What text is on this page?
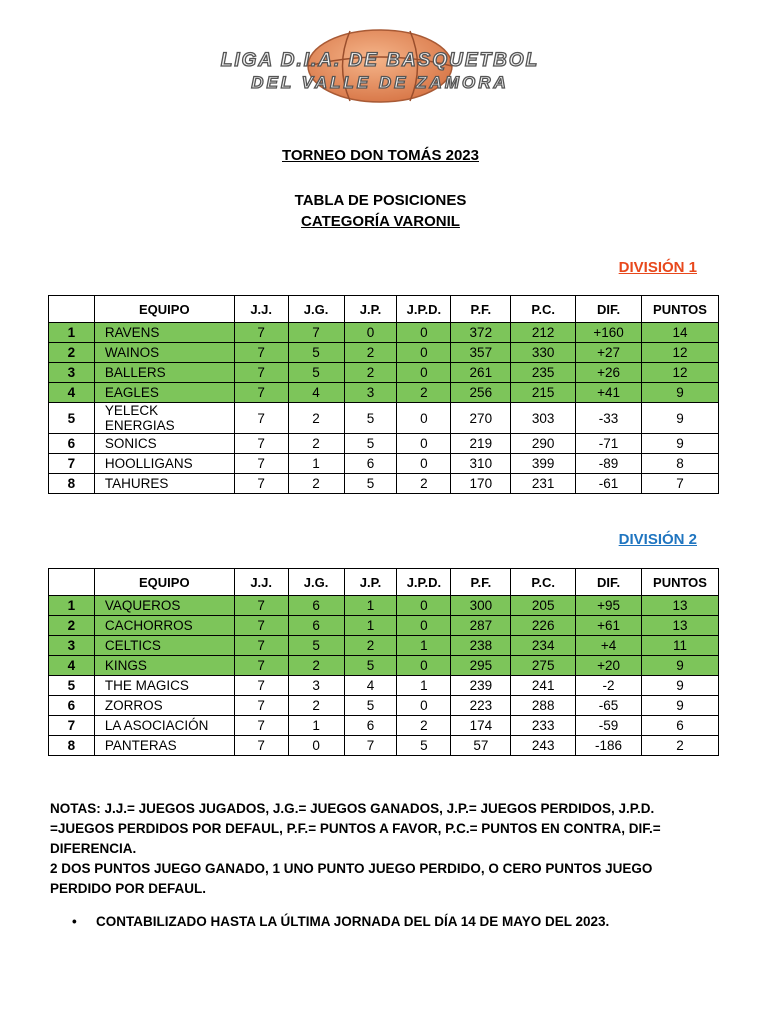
LIGA D.I.A. DE BASQUETBOL
DEL VALLE DE ZAMORA
TORNEO DON TOMÁS 2023
TABLA DE POSICIONES
CATEGORÍA VARONIL
DIVISIÓN 1
	EQUIPO	J.J.	J.G.	J.P.	J.P.D.	P.F.	P.C.	DIF.	PUNTOS
1	RAVENS	7	7	0	0	372	212	+160	14
2	WAINOS	7	5	2	0	357	330	+27	12
3	BALLERS	7	5	2	0	261	235	+26	12
4	EAGLES	7	4	3	2	256	215	+41	9
5	YELECK ENERGIAS	7	2	5	0	270	303	-33	9
6	SONICS	7	2	5	0	219	290	-71	9
7	HOOLLIGANS	7	1	6	0	310	399	-89	8
8	TAHURES	7	2	5	2	170	231	-61	7
DIVISIÓN 2
	EQUIPO	J.J.	J.G.	J.P.	J.P.D.	P.F.	P.C.	DIF.	PUNTOS
1	VAQUEROS	7	6	1	0	300	205	+95	13
2	CACHORROS	7	6	1	0	287	226	+61	13
3	CELTICS	7	5	2	1	238	234	+4	11
4	KINGS	7	2	5	0	295	275	+20	9
5	THE MAGICS	7	3	4	1	239	241	-2	9
6	ZORROS	7	2	5	0	223	288	-65	9
7	LA ASOCIACIÓN	7	1	6	2	174	233	-59	6
8	PANTERAS	7	0	7	5	57	243	-186	2
NOTAS: J.J.= JUEGOS JUGADOS, J.G.= JUEGOS GANADOS, J.P.= JUEGOS PERDIDOS, J.P.D. =JUEGOS PERDIDOS POR DEFAUL, P.F.= PUNTOS A FAVOR, P.C.= PUNTOS EN CONTRA, DIF.= DIFERENCIA.
2 DOS PUNTOS JUEGO GANADO, 1 UNO PUNTO JUEGO PERDIDO, O CERO PUNTOS JUEGO PERDIDO POR DEFAUL.
• CONTABILIZADO HASTA LA ÚLTIMA JORNADA DEL DÍA 14 DE MAYO DEL 2023.
